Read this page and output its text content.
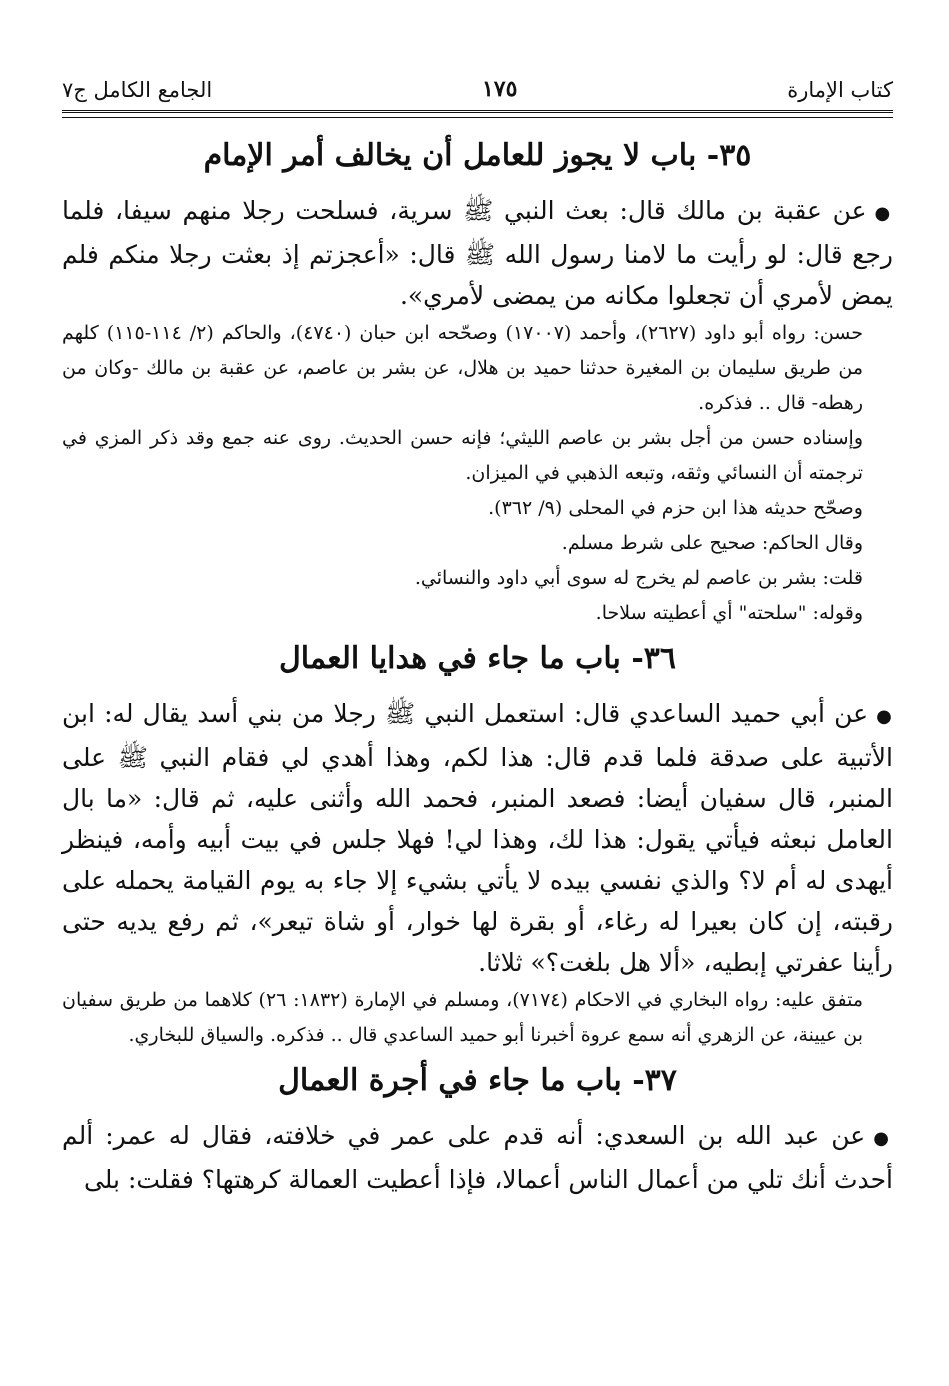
كتاب الإمارة
١٧٥
الجامع الكامل ج٧
٣٥- باب لا يجوز للعامل أن يخالف أمر الإمام

●عن عقبة بن مالك قال: بعث النبي ﷺ سرية، فسلحت رجلا منهم سيفا، فلما رجع قال: لو رأيت ما لامنا رسول الله ﷺ قال: «أعجزتم إذ بعثت رجلا منكم فلم يمض لأمري أن تجعلوا مكانه من يمضى لأمري».

حسن: رواه أبو داود (٢٦٢٧)، وأحمد (١٧٠٠٧) وصحّحه ابن حبان (٤٧٤٠)، والحاكم (٢/ ١١٤-١١٥) كلهم من طريق سليمان بن المغيرة حدثنا حميد بن هلال، عن بشر بن عاصم، عن عقبة بن مالك -وكان من رهطه- قال .. فذكره.

وإسناده حسن من أجل بشر بن عاصم الليثي؛ فإنه حسن الحديث. روى عنه جمع وقد ذكر المزي في ترجمته أن النسائي وثقه، وتبعه الذهبي في الميزان.

وصحّح حديثه هذا ابن حزم في المحلى (٩/ ٣٦٢).

وقال الحاكم: صحيح على شرط مسلم.

قلت: بشر بن عاصم لم يخرج له سوى أبي داود والنسائي.

وقوله: "سلحته" أي أعطيته سلاحا.

٣٦- باب ما جاء في هدايا العمال

●عن أبي حميد الساعدي قال: استعمل النبي ﷺ رجلا من بني أسد يقال له: ابن الأتبية على صدقة فلما قدم قال: هذا لكم، وهذا أهدي لي فقام النبي ﷺ على المنبر، قال سفيان أيضا: فصعد المنبر، فحمد الله وأثنى عليه، ثم قال: «ما بال العامل نبعثه فيأتي يقول: هذا لك، وهذا لي! فهلا جلس في بيت أبيه وأمه، فينظر أيهدى له أم لا؟ والذي نفسي بيده لا يأتي بشيء إلا جاء به يوم القيامة يحمله على رقبته، إن كان بعيرا له رغاء، أو بقرة لها خوار، أو شاة تيعر»، ثم رفع يديه حتى رأينا عفرتي إبطيه، «ألا هل بلغت؟» ثلاثا.

متفق عليه: رواه البخاري في الاحكام (٧١٧٤)، ومسلم في الإمارة (١٨٣٢: ٢٦) كلاهما من طريق سفيان بن عيينة، عن الزهري أنه سمع عروة أخبرنا أبو حميد الساعدي قال .. فذكره. والسياق للبخاري.

٣٧- باب ما جاء في أجرة العمال

●عن عبد الله بن السعدي: أنه قدم على عمر في خلافته، فقال له عمر: ألم أحدث أنك تلي من أعمال الناس أعمالا، فإذا أعطيت العمالة كرهتها؟ فقلت: بلى
